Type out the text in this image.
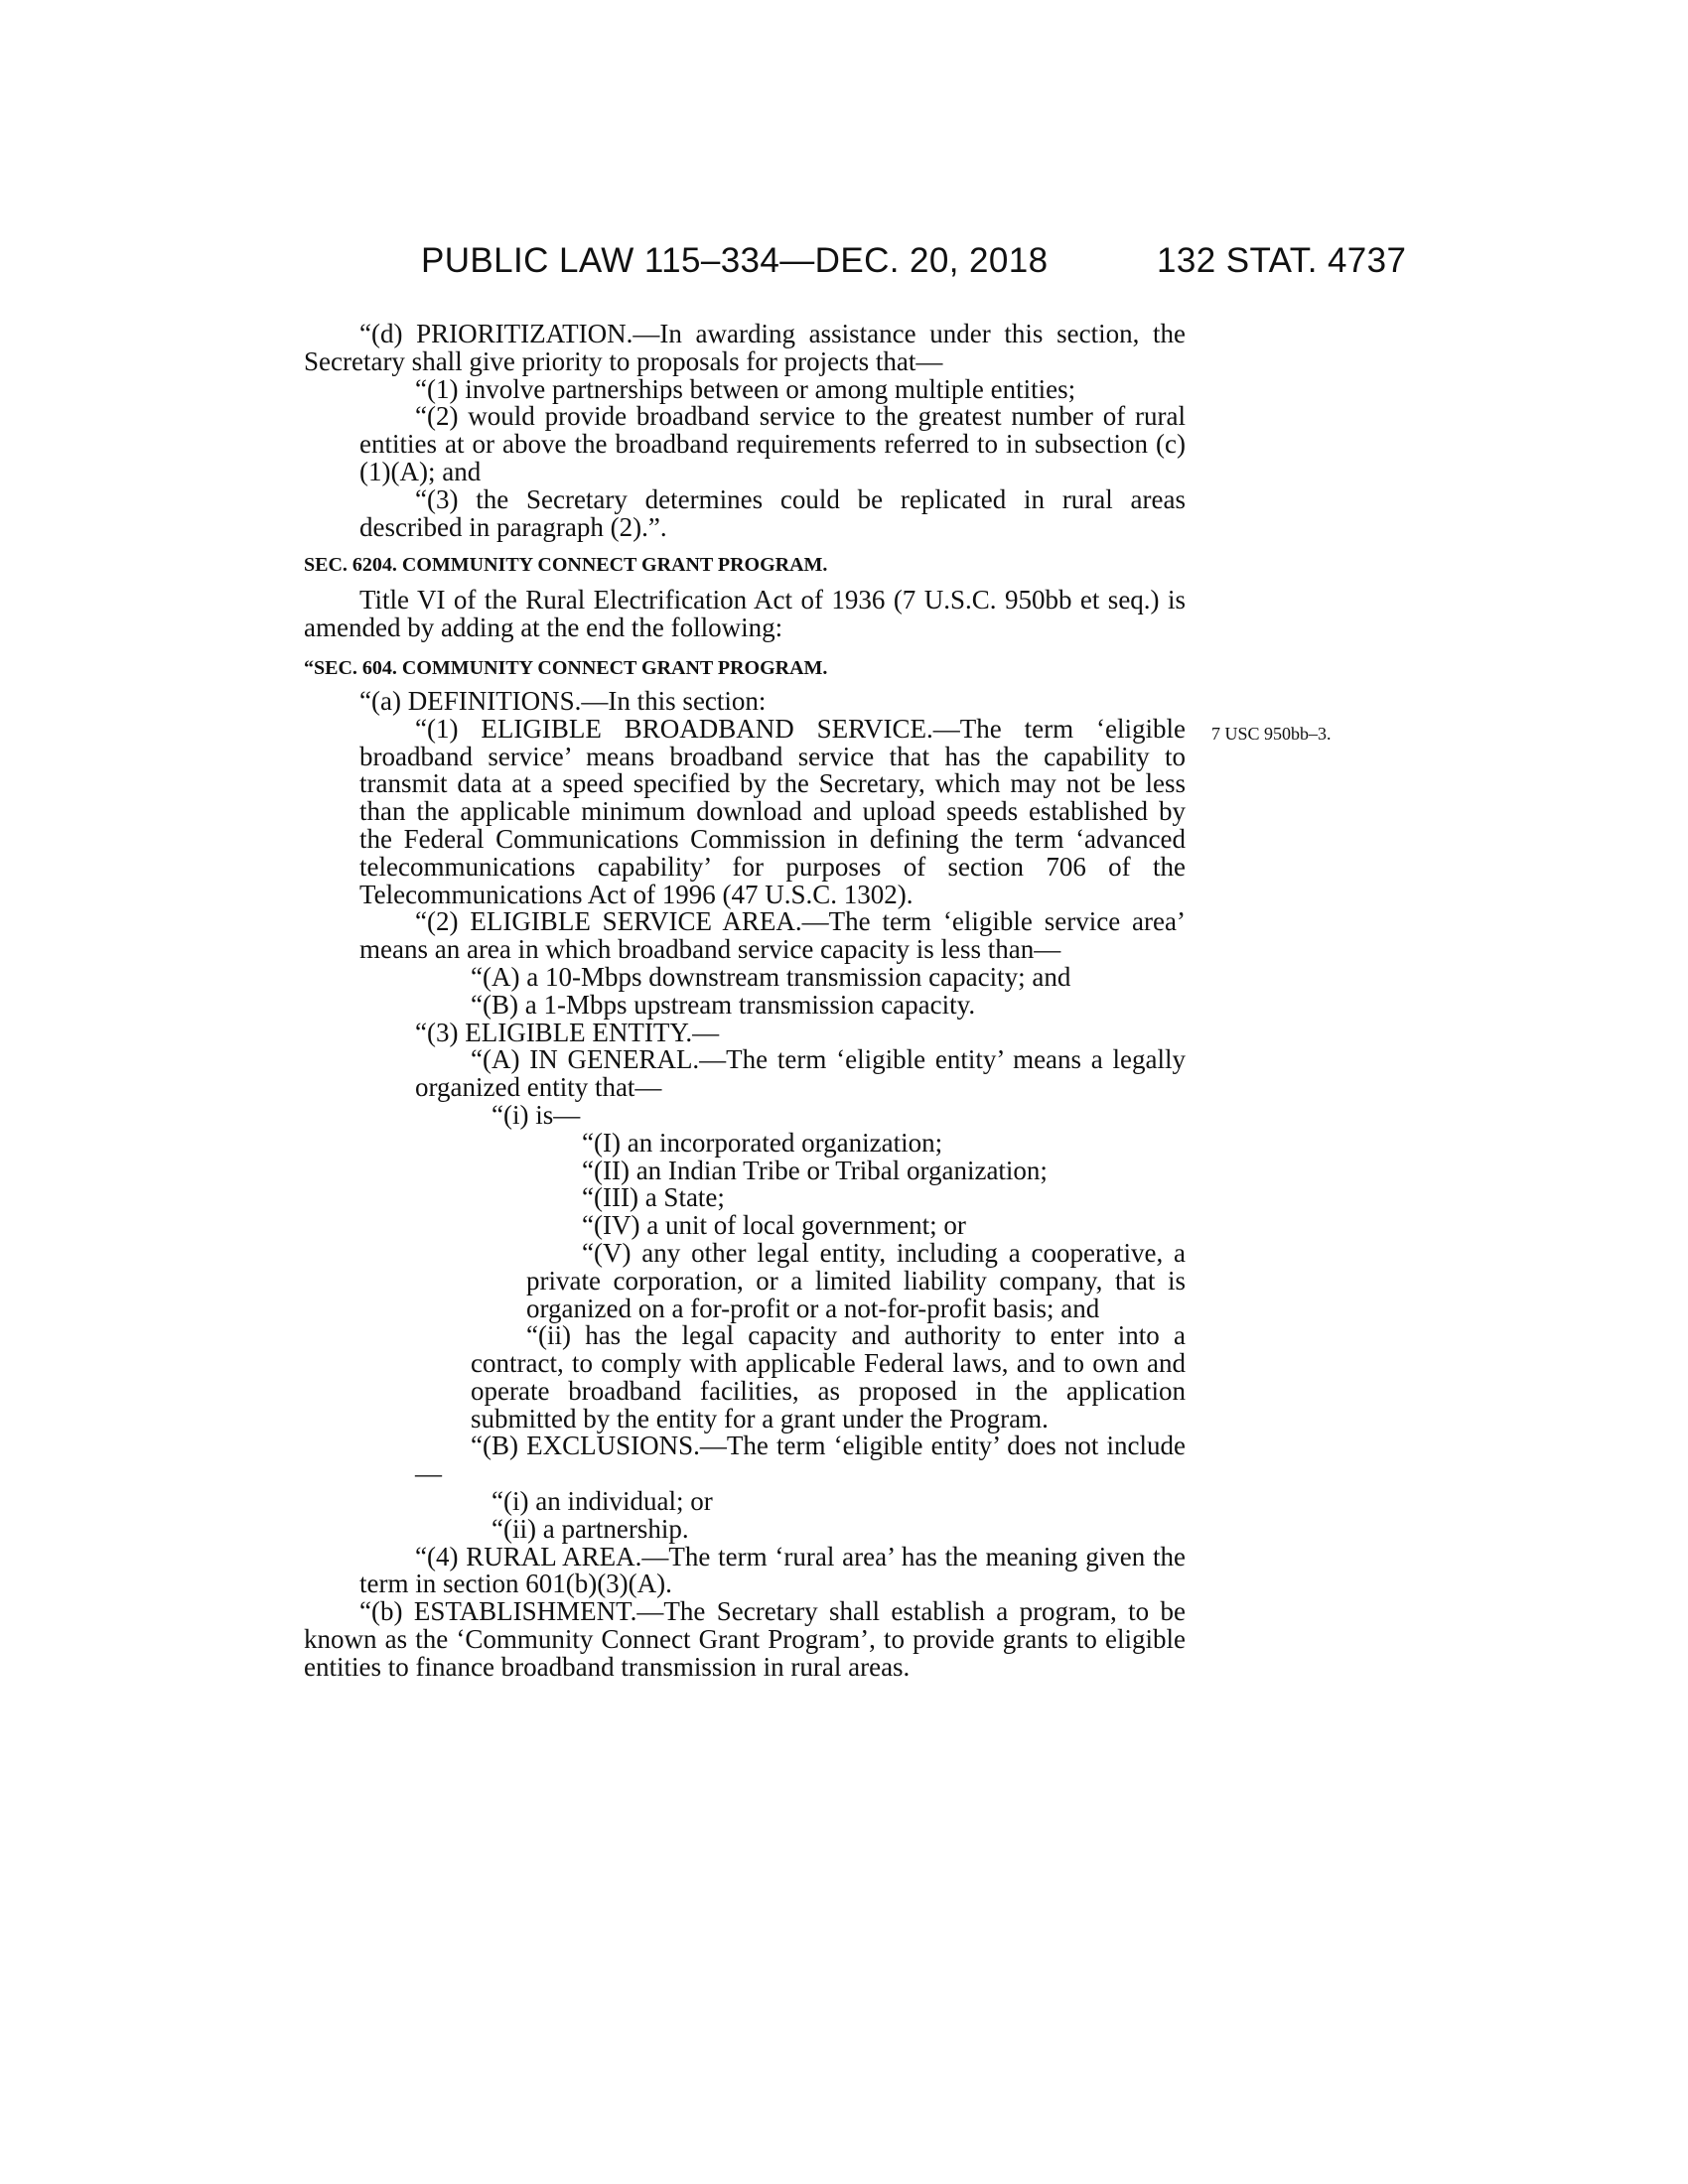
PUBLIC LAW 115–334—DEC. 20, 2018	132 STAT. 4737
7 USC 950bb–3.

“(d) PRIORITIZATION.—In awarding assistance under this section, the Secretary shall give priority to proposals for projects that—

“(1) involve partnerships between or among multiple entities;

“(2) would provide broadband service to the greatest number of rural entities at or above the broadband requirements referred to in subsection (c)(1)(A); and

“(3) the Secretary determines could be replicated in rural areas described in paragraph (2).”.

SEC. 6204. COMMUNITY CONNECT GRANT PROGRAM.

Title VI of the Rural Electrification Act of 1936 (7 U.S.C. 950bb et seq.) is amended by adding at the end the following:

“SEC. 604. COMMUNITY CONNECT GRANT PROGRAM.

“(a) DEFINITIONS.—In this section:

“(1) ELIGIBLE BROADBAND SERVICE.—The term ‘eligible broadband service’ means broadband service that has the capability to transmit data at a speed specified by the Secretary, which may not be less than the applicable minimum download and upload speeds established by the Federal Communications Commission in defining the term ‘advanced telecommunications capability’ for purposes of section 706 of the Telecommunications Act of 1996 (47 U.S.C. 1302).

“(2) ELIGIBLE SERVICE AREA.—The term ‘eligible service area’ means an area in which broadband service capacity is less than—

“(A) a 10-Mbps downstream transmission capacity; and

“(B) a 1-Mbps upstream transmission capacity.

“(3) ELIGIBLE ENTITY.—

“(A) IN GENERAL.—The term ‘eligible entity’ means a legally organized entity that—

“(i) is—

“(I) an incorporated organization;

“(II) an Indian Tribe or Tribal organization;

“(III) a State;

“(IV) a unit of local government; or

“(V) any other legal entity, including a cooperative, a private corporation, or a limited liability company, that is organized on a for-profit or a not-for-profit basis; and

“(ii) has the legal capacity and authority to enter into a contract, to comply with applicable Federal laws, and to own and operate broadband facilities, as proposed in the application submitted by the entity for a grant under the Program.

“(B) EXCLUSIONS.—The term ‘eligible entity’ does not include—

“(i) an individual; or

“(ii) a partnership.

“(4) RURAL AREA.—The term ‘rural area’ has the meaning given the term in section 601(b)(3)(A).

“(b) ESTABLISHMENT.—The Secretary shall establish a program, to be known as the ‘Community Connect Grant Program’, to provide grants to eligible entities to finance broadband transmission in rural areas.
